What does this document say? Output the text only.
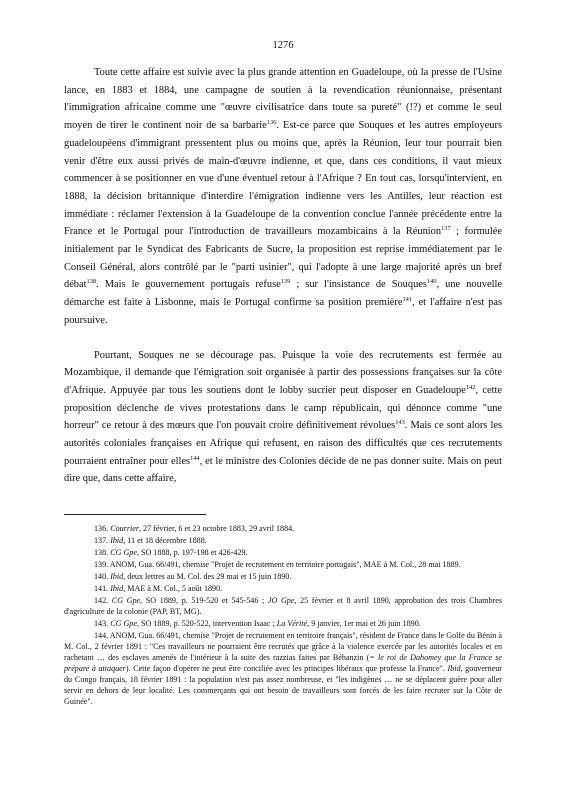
1276

Toute cette affaire est suivie avec la plus grande attention en Guadeloupe, où la presse de l'Usine lance, en 1883 et 1884, une campagne de soutien à la revendication réunionnaise, présentant l'immigration africaine comme une "œuvre civilisatrice dans toute sa pureté" (!?) et comme le seul moyen de tirer le continent noir de sa barbarie$^{136}$. Est-ce parce que Souques et les autres employeurs guadeloupéens d'immigrant pressentent plus ou moins que, après la Réunion, leur tour pourrait bien venir d'être eux aussi privés de main-d'œuvre indienne, et que, dans ces conditions, il vaut mieux commencer à se positionner en vue d'une éventuel retour à l'Afrique ? En tout cas, lorsqu'intervient, en 1888, la décision britannique d'interdire l'émigration indienne vers les Antilles, leur réaction est immédiate : réclamer l'extension à la Guadeloupe de la convention conclue l'année précédente entre la France et le Portugal pour l'introduction de travailleurs mozambicains à la Réunion$^{137}$ ; formulée initialement par le Syndicat des Fabricants de Sucre, la proposition est reprise immédiatement par le Conseil Général, alors contrôlé par le "parti usinier", qui l'adopte à une large majorité après un bref débat$^{138}$. Mais le gouvernement portugais refuse$^{139}$ ; sur l'insistance de Souques$^{140}$, une nouvelle démarche est faite à Lisbonne, mais le Portugal confirme sa position première$^{141}$, et l'affaire n'est pas poursuive.

Pourtant, Souques ne se décourage pas. Puisque la voie des recrutements est fermée au Mozambique, il demande que l'émigration soit organisée à partir des possessions françaises sur la côte d'Afrique. Appuyée par tous les soutiens dont le lobby sucrier peut disposer en Guadeloupe$^{142}$, cette proposition déclenche de vives protestations dans le camp républicain, qui dénonce comme "une horreur" ce retour à des mœurs que l'on pouvait croire définitivement révolues$^{143}$. Mais ce sont alors les autorités coloniales françaises en Afrique qui refusent, en raison des difficultés que ces recrutements pourraient entraîner pour elles$^{144}$, et le ministre des Colonies décide de ne pas donner suite. Mais on peut dire que, dans cette affaire,

136. Courrier, 27 février, 6 et 23 octobre 1883, 29 avril 1884.

137. Ibid, 11 et 18 décembre 1888.

138. CG Gpe, SO 1888, p. 197-198 et 426-429.

139. ANOM, Gua. 66/491, chemise "Projet de recrutement en territoire portugais", MAE à M. Col., 28 mai 1889.

140. Ibid, deux lettres au M. Col. des 29 mai et 15 juin 1890.

141. Ibid, MAE à M. Col., 5 août 1890.

142. CG Gpe, SO 1889, p. 519-520 et 545-546 ; JO Gpe, 25 février et 8 avril 1890, approbation des trois Chambres d'agriculture de la colonie (PAP, BT, MG).

143. CG Gpe, SO 1889, p. 520-522, intervention Isaac ; La Vérité, 9 janvier, 1er mai et 26 juin 1890.

144. ANOM, Gua. 66/491, chemise "Projet de recrutement en territoire français", résident de France dans le Golfe du Bénin à M. Col., 2 février 1891 : "Ces travailleurs ne pourraient être recrutés que grâce à la violence exercée par les autorités locales et en rachetant … des esclaves amenés de l'intérieur à la suite des razzias faites par Béhanzin (= le roi de Dahomey que la France se prépare à attaquer). Cette façon d'opérer ne peut être conciliée avec les principes libéraux que professe la France". Ibid, gouverneur du Congo français, 18 février 1891 : la population n'est pas assez nombreuse, et "les indigènes … ne se déplacent guère pour aller servir en dehors de leur localité. Les commerçants qui ont besoin de travailleurs sont forcés de les faire recruter sur la Côte de Guinée".
